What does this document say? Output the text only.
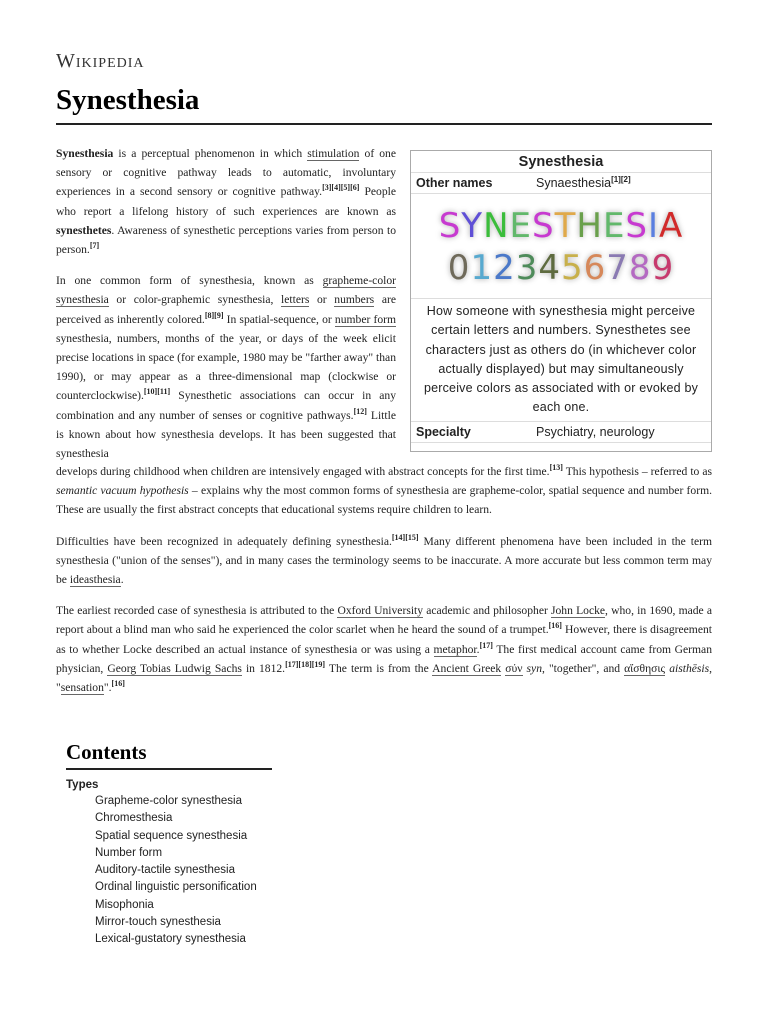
Wikipedia
Synesthesia
Synesthesia
Other names	Synaesthesia[1][2]
SYNESTHESIA
0123456789
How someone with synesthesia might perceive certain letters and numbers. Synesthetes see characters just as others do (in whichever color actually displayed) but may simultaneously perceive colors as associated with or evoked by each one.
Specialty	Psychiatry, neurology

Synesthesia is a perceptual phenomenon in which stimulation of one sensory or cognitive pathway leads to automatic, involuntary experiences in a second sensory or cognitive pathway.[3][4][5][6] People who report a lifelong history of such experiences are known as synesthetes. Awareness of synesthetic perceptions varies from person to person.[7]

In one common form of synesthesia, known as grapheme-color synesthesia or color-graphemic synesthesia, letters or numbers are perceived as inherently colored.[8][9] In spatial-sequence, or number form synesthesia, numbers, months of the year, or days of the week elicit precise locations in space (for example, 1980 may be "farther away" than 1990), or may appear as a three-dimensional map (clockwise or counterclockwise).[10][11] Synesthetic associations can occur in any combination and any number of senses or cognitive pathways.[12] Little is known about how synesthesia develops. It has been suggested that synesthesia

develops during childhood when children are intensively engaged with abstract concepts for the first time.[13] This hypothesis – referred to as semantic vacuum hypothesis – explains why the most common forms of synesthesia are grapheme-color, spatial sequence and number form. These are usually the first abstract concepts that educational systems require children to learn.

Difficulties have been recognized in adequately defining synesthesia.[14][15] Many different phenomena have been included in the term synesthesia ("union of the senses"), and in many cases the terminology seems to be inaccurate. A more accurate but less common term may be ideasthesia.

The earliest recorded case of synesthesia is attributed to the Oxford University academic and philosopher John Locke, who, in 1690, made a report about a blind man who said he experienced the color scarlet when he heard the sound of a trumpet.[16] However, there is disagreement as to whether Locke described an actual instance of synesthesia or was using a metaphor.[17] The first medical account came from German physician, Georg Tobias Ludwig Sachs in 1812.[17][18][19] The term is from the Ancient Greek σύν syn, "together", and αἴσθησις aisthēsis, "sensation".[16]

Contents
Types
Grapheme-color synesthesia
Chromesthesia
Spatial sequence synesthesia
Number form
Auditory-tactile synesthesia
Ordinal linguistic personification
Misophonia
Mirror-touch synesthesia
Lexical-gustatory synesthesia
